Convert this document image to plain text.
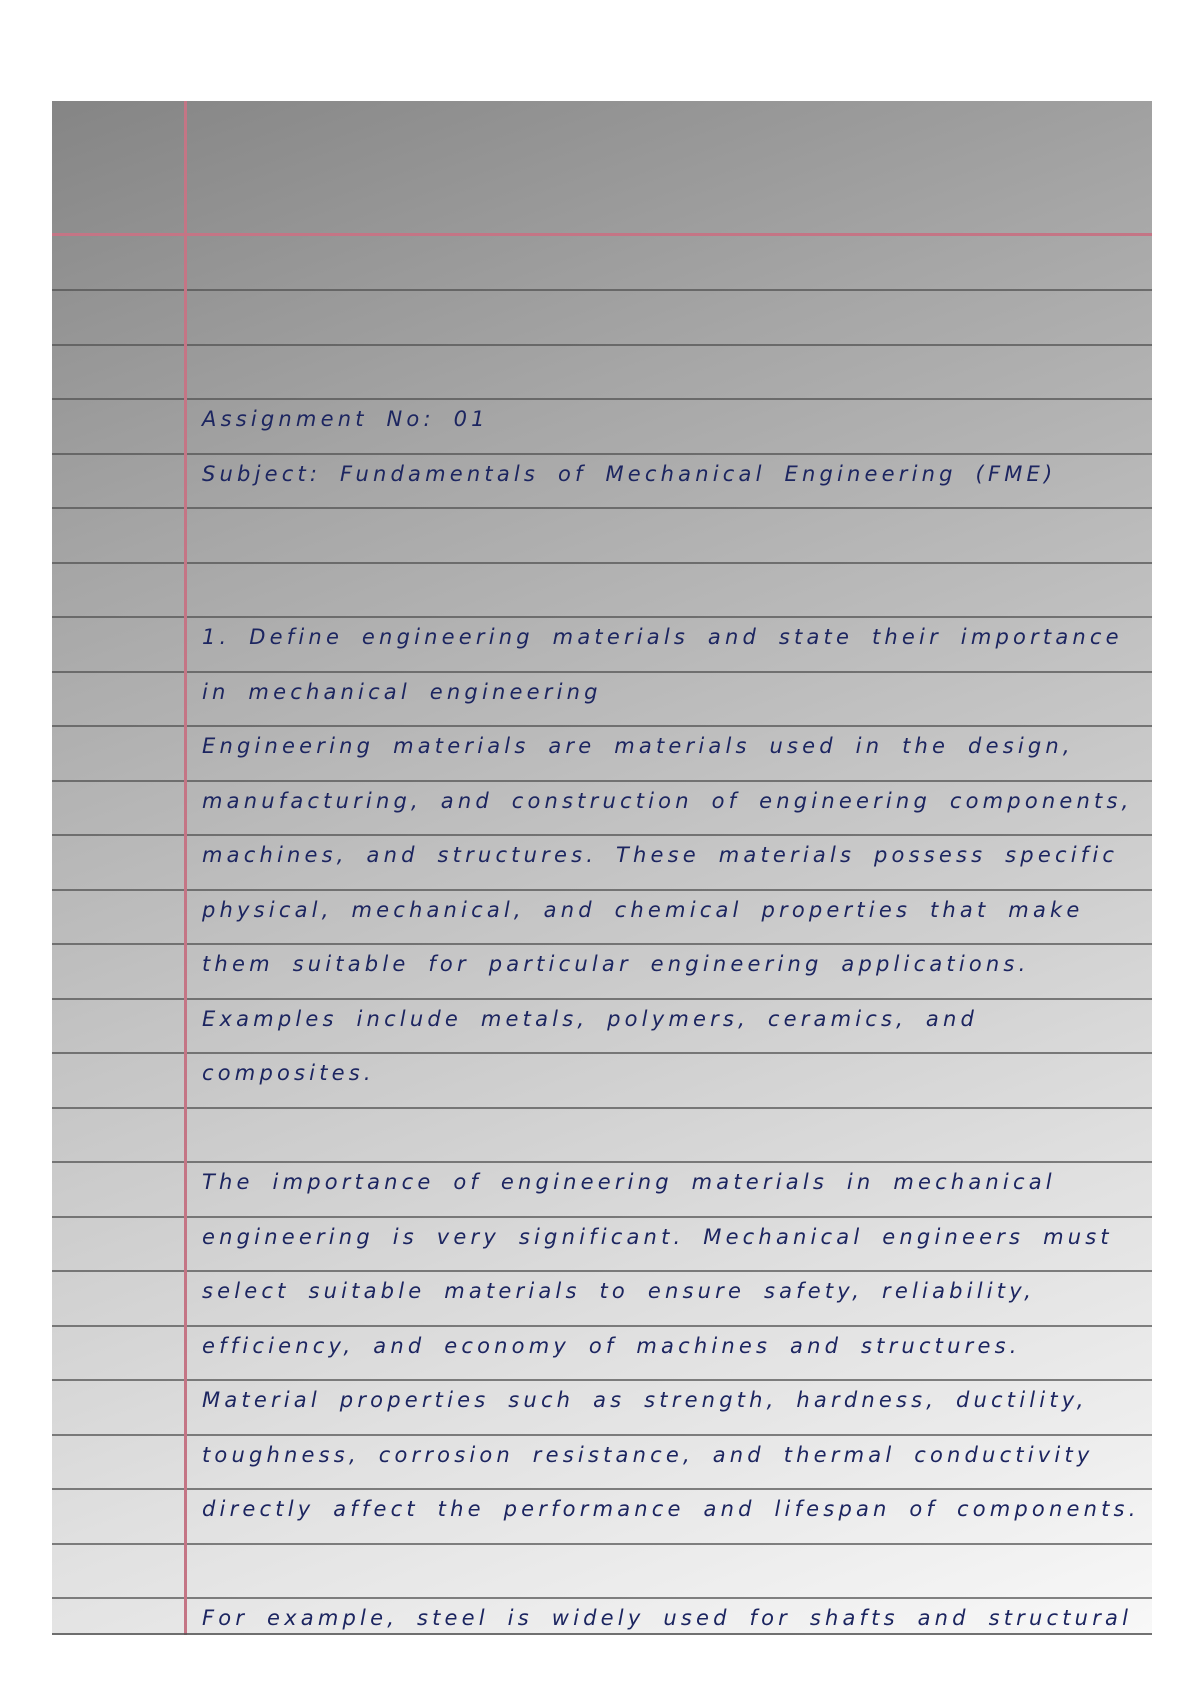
Assignment No: 01
Subject: Fundamentals of Mechanical Engineering (FME)
1. Define engineering materials and state their importance
in mechanical engineering
Engineering materials are materials used in the design,
manufacturing, and construction of engineering components,
machines, and structures. These materials possess specific
physical, mechanical, and chemical properties that make
them suitable for particular engineering applications.
Examples include metals, polymers, ceramics, and
composites.
The importance of engineering materials in mechanical
engineering is very significant. Mechanical engineers must
select suitable materials to ensure safety, reliability,
efficiency, and economy of machines and structures.
Material properties such as strength, hardness, ductility,
toughness, corrosion resistance, and thermal conductivity
directly affect the performance and lifespan of components.
For example, steel is widely used for shafts and structural
